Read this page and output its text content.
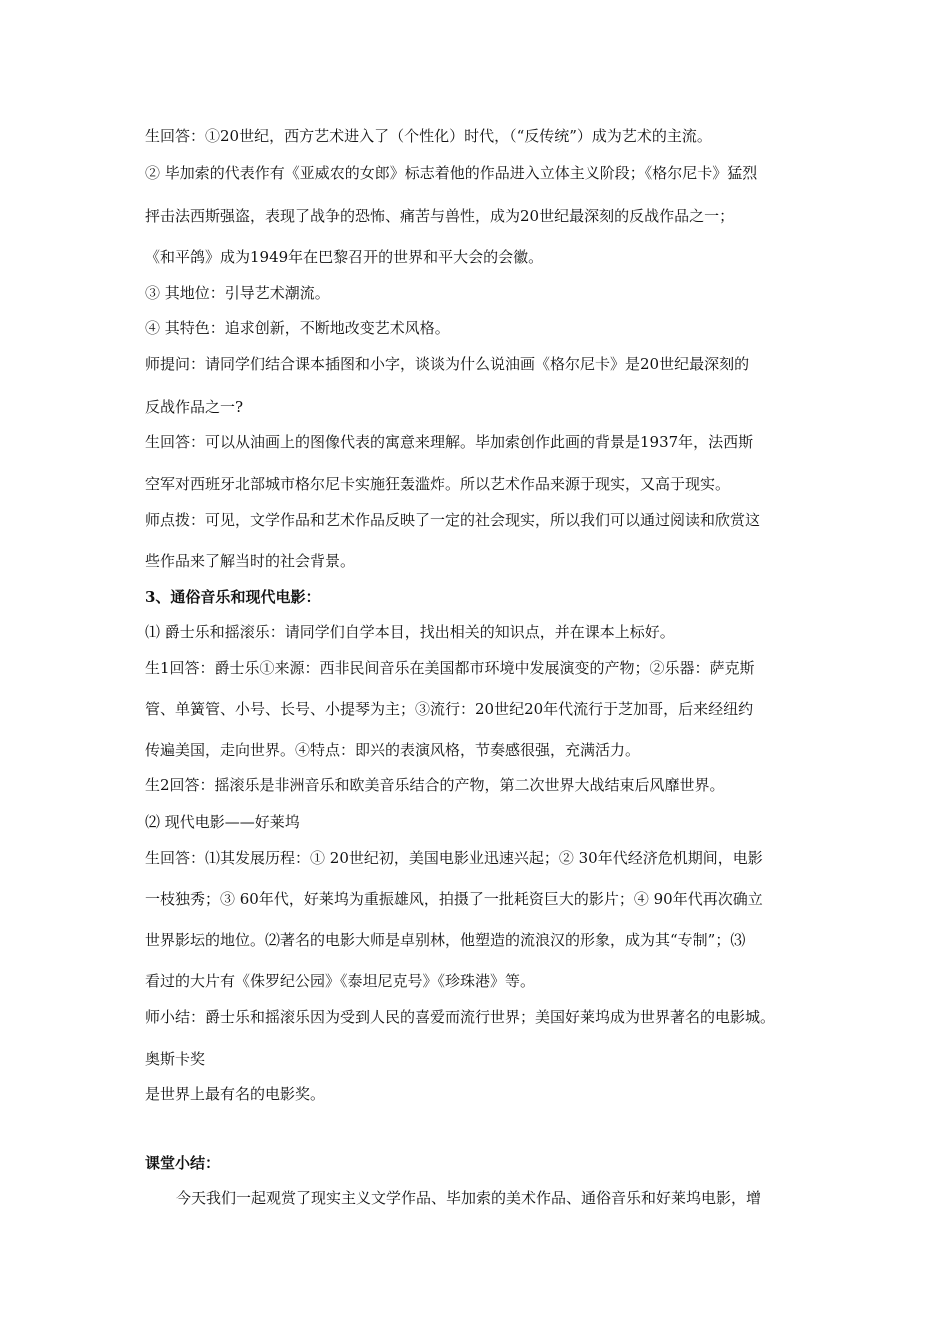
生回答：①20世纪，西方艺术进入了（个性化）时代，（“反传统”）成为艺术的主流。
② 毕加索的代表作有《亚威农的女郎》标志着他的作品进入立体主义阶段；《格尔尼卡》猛烈
抨击法西斯强盗，表现了战争的恐怖、痛苦与兽性，成为20世纪最深刻的反战作品之一；
《和平鸽》成为1949年在巴黎召开的世界和平大会的会徽。
③ 其地位：引导艺术潮流。
④ 其特色：追求创新，不断地改变艺术风格。
师提问：请同学们结合课本插图和小字，谈谈为什么说油画《格尔尼卡》是20世纪最深刻的
反战作品之一?
生回答：可以从油画上的图像代表的寓意来理解。毕加索创作此画的背景是1937年，法西斯
空军对西班牙北部城市格尔尼卡实施狂轰滥炸。所以艺术作品来源于现实，又高于现实。
师点拨：可见，文学作品和艺术作品反映了一定的社会现实，所以我们可以通过阅读和欣赏这
些作品来了解当时的社会背景。
3、通俗音乐和现代电影：
⑴ 爵士乐和摇滚乐：请同学们自学本目，找出相关的知识点，并在课本上标好。
生1回答：爵士乐①来源：西非民间音乐在美国都市环境中发展演变的产物；②乐器：萨克斯
管、单簧管、小号、长号、小提琴为主；③流行：20世纪20年代流行于芝加哥，后来经纽约
传遍美国，走向世界。④特点：即兴的表演风格，节奏感很强，充满活力。
生2回答：摇滚乐是非洲音乐和欧美音乐结合的产物，第二次世界大战结束后风靡世界。
⑵ 现代电影——好莱坞
生回答：⑴其发展历程：① 20世纪初，美国电影业迅速兴起；② 30年代经济危机期间，电影
一枝独秀；③ 60年代，好莱坞为重振雄风，拍摄了一批耗资巨大的影片；④ 90年代再次确立
世界影坛的地位。⑵著名的电影大师是卓别林，他塑造的流浪汉的形象，成为其“专制”；⑶
看过的大片有《侏罗纪公园》《泰坦尼克号》《珍珠港》等。
师小结：爵士乐和摇滚乐因为受到人民的喜爱而流行世界；美国好莱坞成为世界著名的电影城。
奥斯卡奖
是世界上最有名的电影奖。
课堂小结：
今天我们一起观赏了现实主义文学作品、毕加索的美术作品、通俗音乐和好莱坞电影，增
